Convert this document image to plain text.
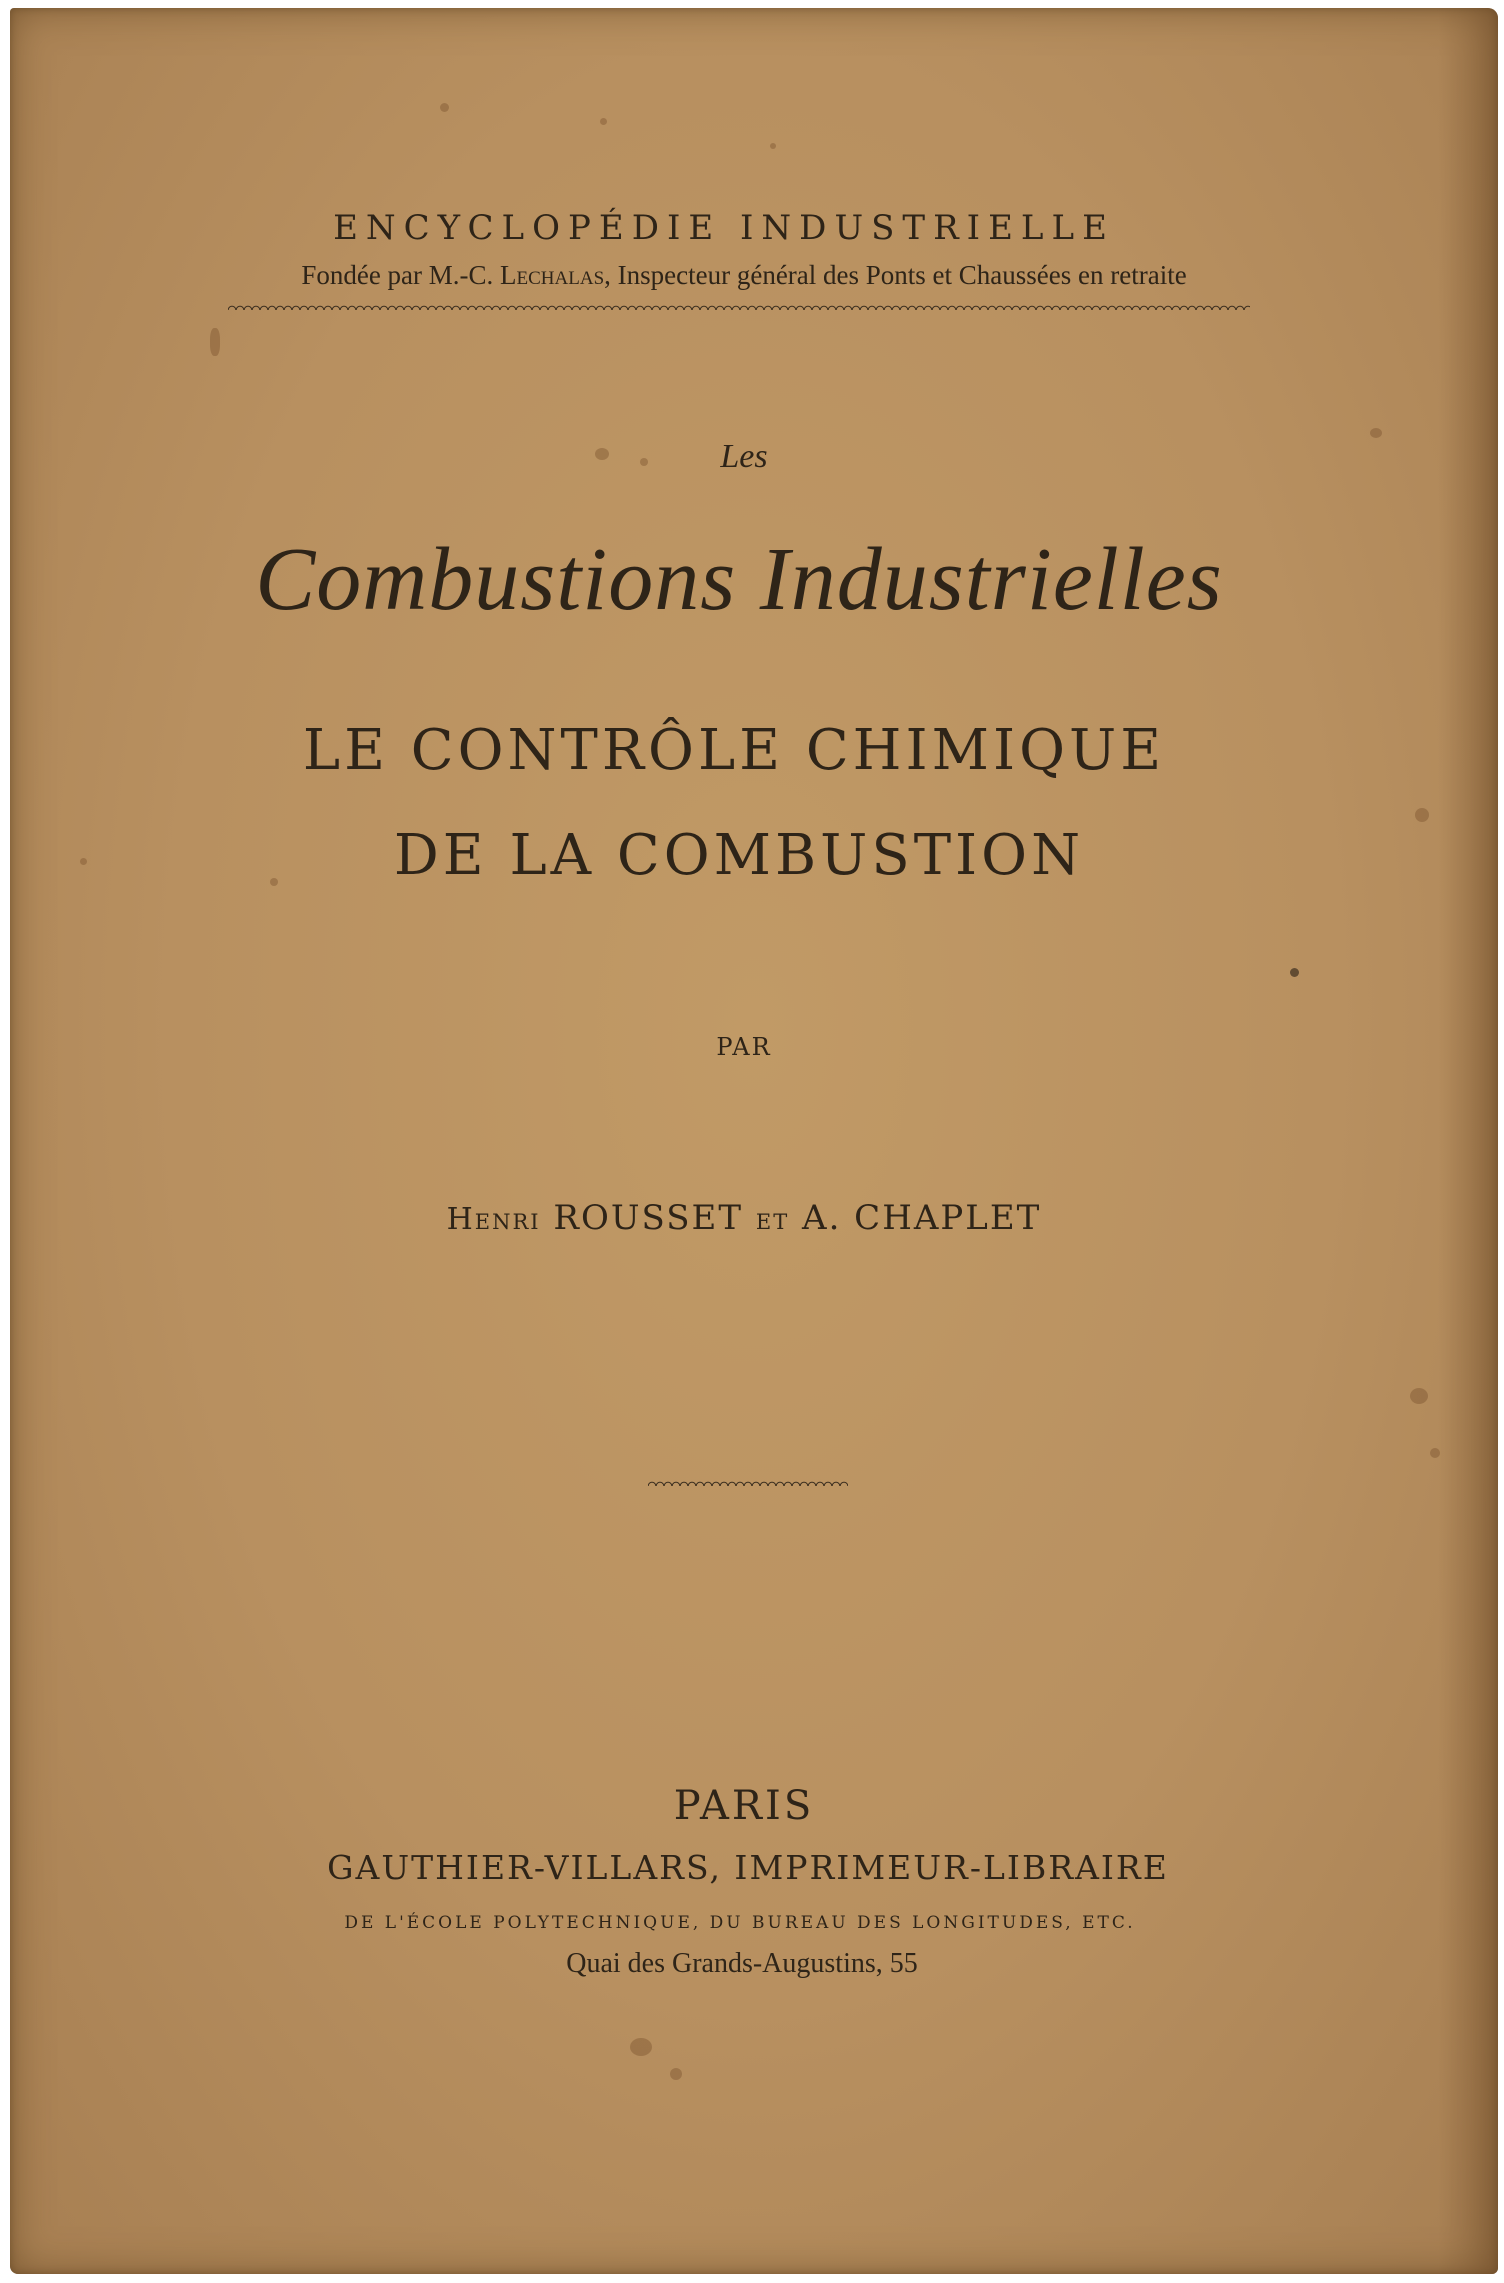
ENCYCLOPÉDIE INDUSTRIELLE
Fondée par M.-C. Lechalas, Inspecteur général des Ponts et Chaussées en retraite
Les
Combustions Industrielles
LE CONTRÔLE CHIMIQUE
DE LA COMBUSTION
PAR
Henri ROUSSET et A. CHAPLET
PARIS
GAUTHIER-VILLARS, IMPRIMEUR-LIBRAIRE
DE L'ÉCOLE POLYTECHNIQUE, DU BUREAU DES LONGITUDES, ETC.
Quai des Grands-Augustins, 55
